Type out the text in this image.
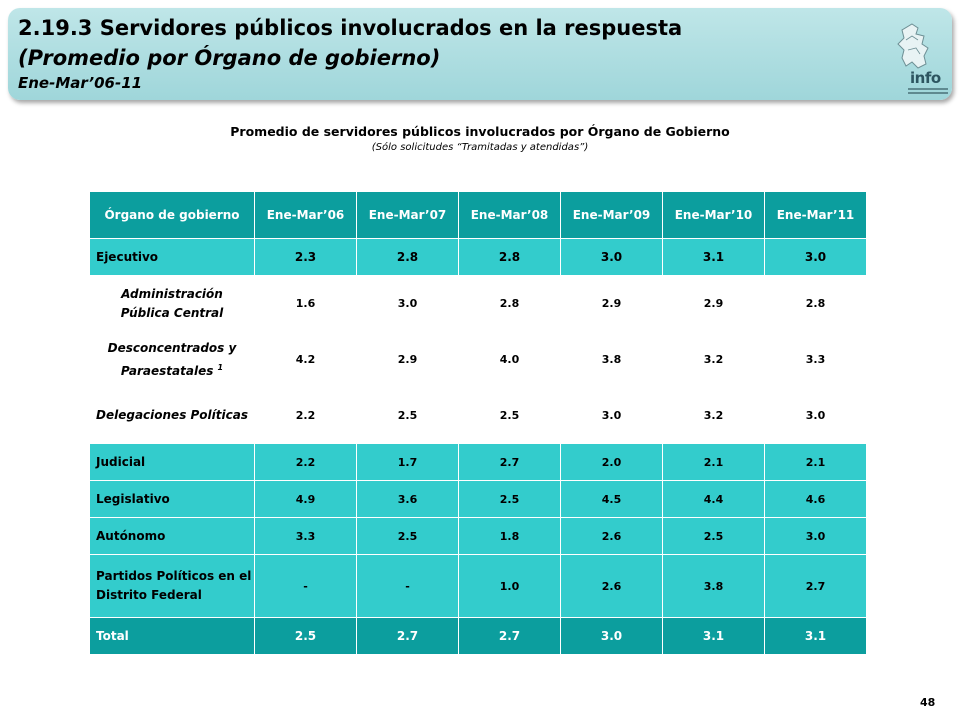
2.19.3 Servidores públicos involucrados en la respuesta
(Promedio por Órgano de gobierno)
Ene-Mar’06-11	info
Promedio de servidores públicos involucrados por Órgano de Gobierno
(Sólo solicitudes “Tramitadas y atendidas”)
Órgano de gobierno	Ene-Mar’06	Ene-Mar’07	Ene-Mar’08	Ene-Mar’09	Ene-Mar’10	Ene-Mar’11
Ejecutivo	2.3	2.8	2.8	3.0	3.1	3.0
Administración Pública Central	1.6	3.0	2.8	2.9	2.9	2.8
Desconcentrados y Paraestatales $^1$	4.2	2.9	4.0	3.8	3.2	3.3
Delegaciones Políticas	2.2	2.5	2.5	3.0	3.2	3.0
Judicial	2.2	1.7	2.7	2.0	2.1	2.1
Legislativo	4.9	3.6	2.5	4.5	4.4	4.6
Autónomo	3.3	2.5	1.8	2.6	2.5	3.0
Partidos Políticos en el Distrito Federal	-	-	1.0	2.6	3.8	2.7
Total	2.5	2.7	2.7	3.0	3.1	3.1
48
